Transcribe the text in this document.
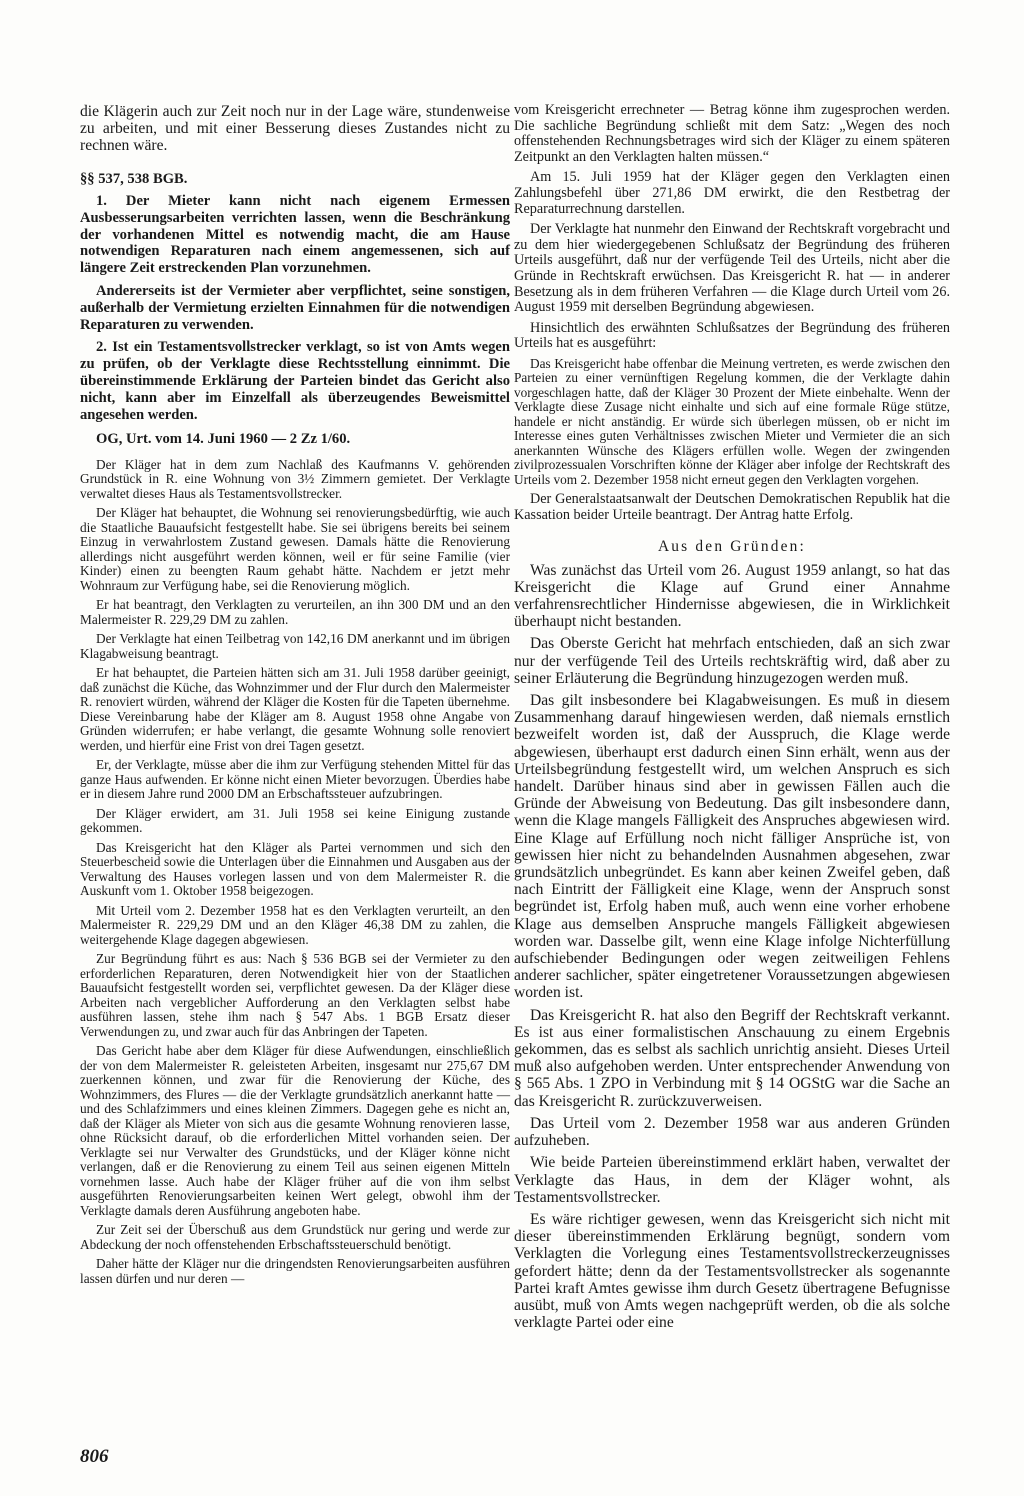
die Klägerin auch zur Zeit noch nur in der Lage wäre, stundenweise zu arbeiten, und mit einer Besserung dieses Zustandes nicht zu rechnen wäre.

§§ 537, 538 BGB.

1. Der Mieter kann nicht nach eigenem Ermessen Ausbesserungsarbeiten verrichten lassen, wenn die Beschränkung der vorhandenen Mittel es notwendig macht, die am Hause notwendigen Reparaturen nach einem angemessenen, sich auf längere Zeit erstreckenden Plan vorzunehmen.

Andererseits ist der Vermieter aber verpflichtet, seine sonstigen, außerhalb der Vermietung erzielten Einnahmen für die notwendigen Reparaturen zu verwenden.

2. Ist ein Testamentsvollstrecker verklagt, so ist von Amts wegen zu prüfen, ob der Verklagte diese Rechtsstellung einnimmt. Die übereinstimmende Erklärung der Parteien bindet das Gericht also nicht, kann aber im Einzelfall als überzeugendes Beweismittel angesehen werden.

OG, Urt. vom 14. Juni 1960 — 2 Zz 1/60.

Der Kläger hat in dem zum Nachlaß des Kaufmanns V. gehörenden Grundstück in R. eine Wohnung von 3½ Zimmern gemietet. Der Verklagte verwaltet dieses Haus als Testamentsvollstrecker.

Der Kläger hat behauptet, die Wohnung sei renovierungsbedürftig, wie auch die Staatliche Bauaufsicht festgestellt habe. Sie sei übrigens bereits bei seinem Einzug in verwahrlostem Zustand gewesen. Damals hätte die Renovierung allerdings nicht ausgeführt werden können, weil er für seine Familie (vier Kinder) einen zu beengten Raum gehabt hätte. Nachdem er jetzt mehr Wohnraum zur Verfügung habe, sei die Renovierung möglich.

Er hat beantragt, den Verklagten zu verurteilen, an ihn 300 DM und an den Malermeister R. 229,29 DM zu zahlen.

Der Verklagte hat einen Teilbetrag von 142,16 DM anerkannt und im übrigen Klagabweisung beantragt.

Er hat behauptet, die Parteien hätten sich am 31. Juli 1958 darüber geeinigt, daß zunächst die Küche, das Wohnzimmer und der Flur durch den Malermeister R. renoviert würden, während der Kläger die Kosten für die Tapeten übernehme. Diese Vereinbarung habe der Kläger am 8. August 1958 ohne Angabe von Gründen widerrufen; er habe verlangt, die gesamte Wohnung solle renoviert werden, und hierfür eine Frist von drei Tagen gesetzt.

Er, der Verklagte, müsse aber die ihm zur Verfügung stehenden Mittel für das ganze Haus aufwenden. Er könne nicht einen Mieter bevorzugen. Überdies habe er in diesem Jahre rund 2000 DM an Erbschaftssteuer aufzubringen.

Der Kläger erwidert, am 31. Juli 1958 sei keine Einigung zustande gekommen.

Das Kreisgericht hat den Kläger als Partei vernommen und sich den Steuerbescheid sowie die Unterlagen über die Einnahmen und Ausgaben aus der Verwaltung des Hauses vorlegen lassen und von dem Malermeister R. die Auskunft vom 1. Oktober 1958 beigezogen.

Mit Urteil vom 2. Dezember 1958 hat es den Verklagten verurteilt, an den Malermeister R. 229,29 DM und an den Kläger 46,38 DM zu zahlen, die weitergehende Klage dagegen abgewiesen.

Zur Begründung führt es aus: Nach § 536 BGB sei der Vermieter zu den erforderlichen Reparaturen, deren Notwendigkeit hier von der Staatlichen Bauaufsicht festgestellt worden sei, verpflichtet gewesen. Da der Kläger diese Arbeiten nach vergeblicher Aufforderung an den Verklagten selbst habe ausführen lassen, stehe ihm nach § 547 Abs. 1 BGB Ersatz dieser Verwendungen zu, und zwar auch für das Anbringen der Tapeten.

Das Gericht habe aber dem Kläger für diese Aufwendungen, einschließlich der von dem Malermeister R. geleisteten Arbeiten, insgesamt nur 275,67 DM zuerkennen können, und zwar für die Renovierung der Küche, des Wohnzimmers, des Flures — die der Verklagte grundsätzlich anerkannt hatte — und des Schlafzimmers und eines kleinen Zimmers. Dagegen gehe es nicht an, daß der Kläger als Mieter von sich aus die gesamte Wohnung renovieren lasse, ohne Rücksicht darauf, ob die erforderlichen Mittel vorhanden seien. Der Verklagte sei nur Verwalter des Grundstücks, und der Kläger könne nicht verlangen, daß er die Renovierung zu einem Teil aus seinen eigenen Mitteln vornehmen lasse. Auch habe der Kläger früher auf die von ihm selbst ausgeführten Renovierungsarbeiten keinen Wert gelegt, obwohl ihm der Verklagte damals deren Ausführung angeboten habe.

Zur Zeit sei der Überschuß aus dem Grundstück nur gering und werde zur Abdeckung der noch offenstehenden Erbschaftssteuerschuld benötigt.

Daher hätte der Kläger nur die dringendsten Renovierungsarbeiten ausführen lassen dürfen und nur deren —

vom Kreisgericht errechneter — Betrag könne ihm zugesprochen werden. Die sachliche Begründung schließt mit dem Satz: „Wegen des noch offenstehenden Rechnungsbetrages wird sich der Kläger zu einem späteren Zeitpunkt an den Verklagten halten müssen.“

Am 15. Juli 1959 hat der Kläger gegen den Verklagten einen Zahlungsbefehl über 271,86 DM erwirkt, die den Restbetrag der Reparaturrechnung darstellen.

Der Verklagte hat nunmehr den Einwand der Rechtskraft vorgebracht und zu dem hier wiedergegebenen Schlußsatz der Begründung des früheren Urteils ausgeführt, daß nur der verfügende Teil des Urteils, nicht aber die Gründe in Rechtskraft erwüchsen. Das Kreisgericht R. hat — in anderer Besetzung als in dem früheren Verfahren — die Klage durch Urteil vom 26. August 1959 mit derselben Begründung abgewiesen.

Hinsichtlich des erwähnten Schlußsatzes der Begründung des früheren Urteils hat es ausgeführt:

Das Kreisgericht habe offenbar die Meinung vertreten, es werde zwischen den Parteien zu einer vernünftigen Regelung kommen, die der Verklagte dahin vorgeschlagen hatte, daß der Kläger 30 Prozent der Miete einbehalte. Wenn der Verklagte diese Zusage nicht einhalte und sich auf eine formale Rüge stütze, handele er nicht anständig. Er würde sich überlegen müssen, ob er nicht im Interesse eines guten Verhältnisses zwischen Mieter und Vermieter die an sich anerkannten Wünsche des Klägers erfüllen wolle. Wegen der zwingenden zivilprozessualen Vorschriften könne der Kläger aber infolge der Rechtskraft des Urteils vom 2. Dezember 1958 nicht erneut gegen den Verklagten vorgehen.

Der Generalstaatsanwalt der Deutschen Demokratischen Republik hat die Kassation beider Urteile beantragt. Der Antrag hatte Erfolg.

Aus den Gründen:

Was zunächst das Urteil vom 26. August 1959 anlangt, so hat das Kreisgericht die Klage auf Grund einer Annahme verfahrensrechtlicher Hindernisse abgewiesen, die in Wirklichkeit überhaupt nicht bestanden.

Das Oberste Gericht hat mehrfach entschieden, daß an sich zwar nur der verfügende Teil des Urteils rechtskräftig wird, daß aber zu seiner Erläuterung die Begründung hinzugezogen werden muß.

Das gilt insbesondere bei Klagabweisungen. Es muß in diesem Zusammenhang darauf hingewiesen werden, daß niemals ernstlich bezweifelt worden ist, daß der Ausspruch, die Klage werde abgewiesen, überhaupt erst dadurch einen Sinn erhält, wenn aus der Urteilsbegründung festgestellt wird, um welchen Anspruch es sich handelt. Darüber hinaus sind aber in gewissen Fällen auch die Gründe der Abweisung von Bedeutung. Das gilt insbesondere dann, wenn die Klage mangels Fälligkeit des Anspruches abgewiesen wird. Eine Klage auf Erfüllung noch nicht fälliger Ansprüche ist, von gewissen hier nicht zu behandelnden Ausnahmen abgesehen, zwar grundsätzlich unbegründet. Es kann aber keinen Zweifel geben, daß nach Eintritt der Fälligkeit eine Klage, wenn der Anspruch sonst begründet ist, Erfolg haben muß, auch wenn eine vorher erhobene Klage aus demselben Anspruche mangels Fälligkeit abgewiesen worden war. Dasselbe gilt, wenn eine Klage infolge Nichterfüllung aufschiebender Bedingungen oder wegen zeitweiligen Fehlens anderer sachlicher, später eingetretener Voraussetzungen abgewiesen worden ist.

Das Kreisgericht R. hat also den Begriff der Rechtskraft verkannt. Es ist aus einer formalistischen Anschauung zu einem Ergebnis gekommen, das es selbst als sachlich unrichtig ansieht. Dieses Urteil muß also aufgehoben werden. Unter entsprechender Anwendung von § 565 Abs. 1 ZPO in Verbindung mit § 14 OGStG war die Sache an das Kreisgericht R. zurückzuverweisen.

Das Urteil vom 2. Dezember 1958 war aus anderen Gründen aufzuheben.

Wie beide Parteien übereinstimmend erklärt haben, verwaltet der Verklagte das Haus, in dem der Kläger wohnt, als Testamentsvollstrecker.

Es wäre richtiger gewesen, wenn das Kreisgericht sich nicht mit dieser übereinstimmenden Erklärung begnügt, sondern vom Verklagten die Vorlegung eines Testamentsvollstreckerzeugnisses gefordert hätte; denn da der Testamentsvollstrecker als sogenannte Partei kraft Amtes gewisse ihm durch Gesetz übertragene Befugnisse ausübt, muß von Amts wegen nachgeprüft werden, ob die als solche verklagte Partei oder eine

806
